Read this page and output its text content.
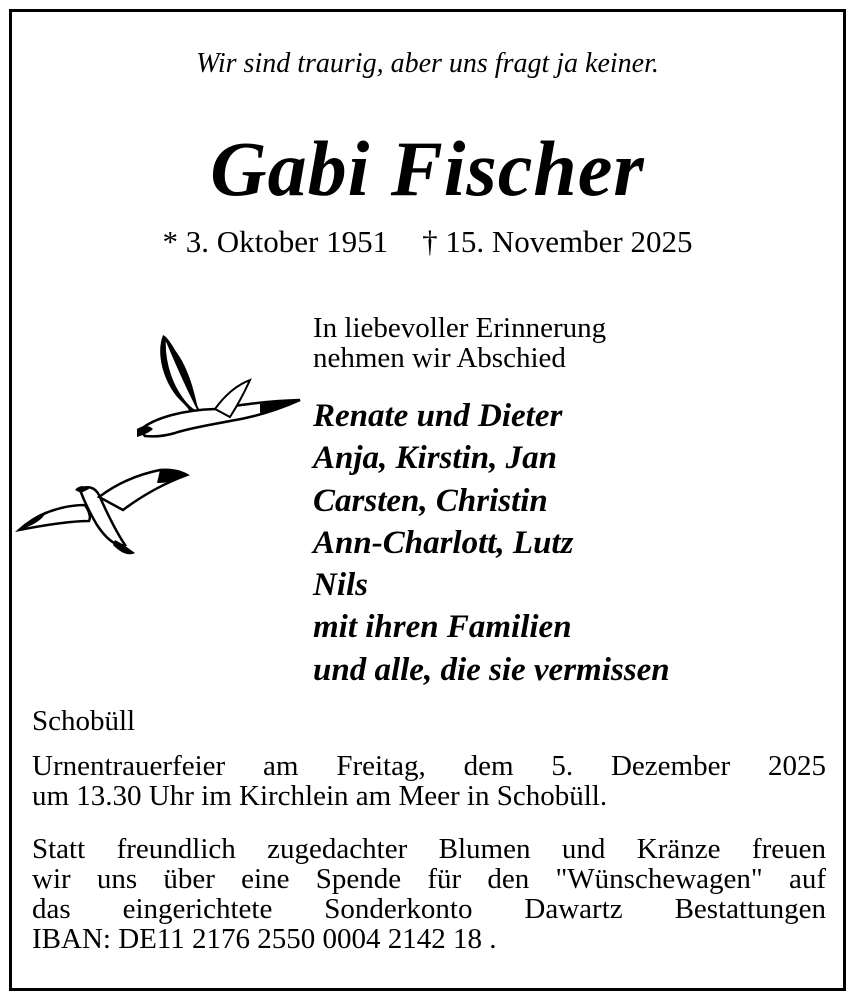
Wir sind traurig, aber uns fragt ja keiner.
Gabi Fischer
* 3. Oktober 1951 † 15. November 2025
In liebevoller Erinnerung
nehmen wir Abschied
Renate und Dieter
Anja, Kirstin, Jan
Carsten, Christin
Ann-Charlott, Lutz
Nils
mit ihren Familien
und alle, die sie vermissen
Schobüll
Urnentrauerfeier am Freitag, dem 5. Dezember 2025
um 13.30 Uhr im Kirchlein am Meer in Schobüll.
Statt freundlich zugedachter Blumen und Kränze freuen
wir uns über eine Spende für den "Wünschewagen" auf
das eingerichtete Sonderkonto Dawartz Bestattungen
IBAN: DE11 2176 2550 0004 2142 18 .
